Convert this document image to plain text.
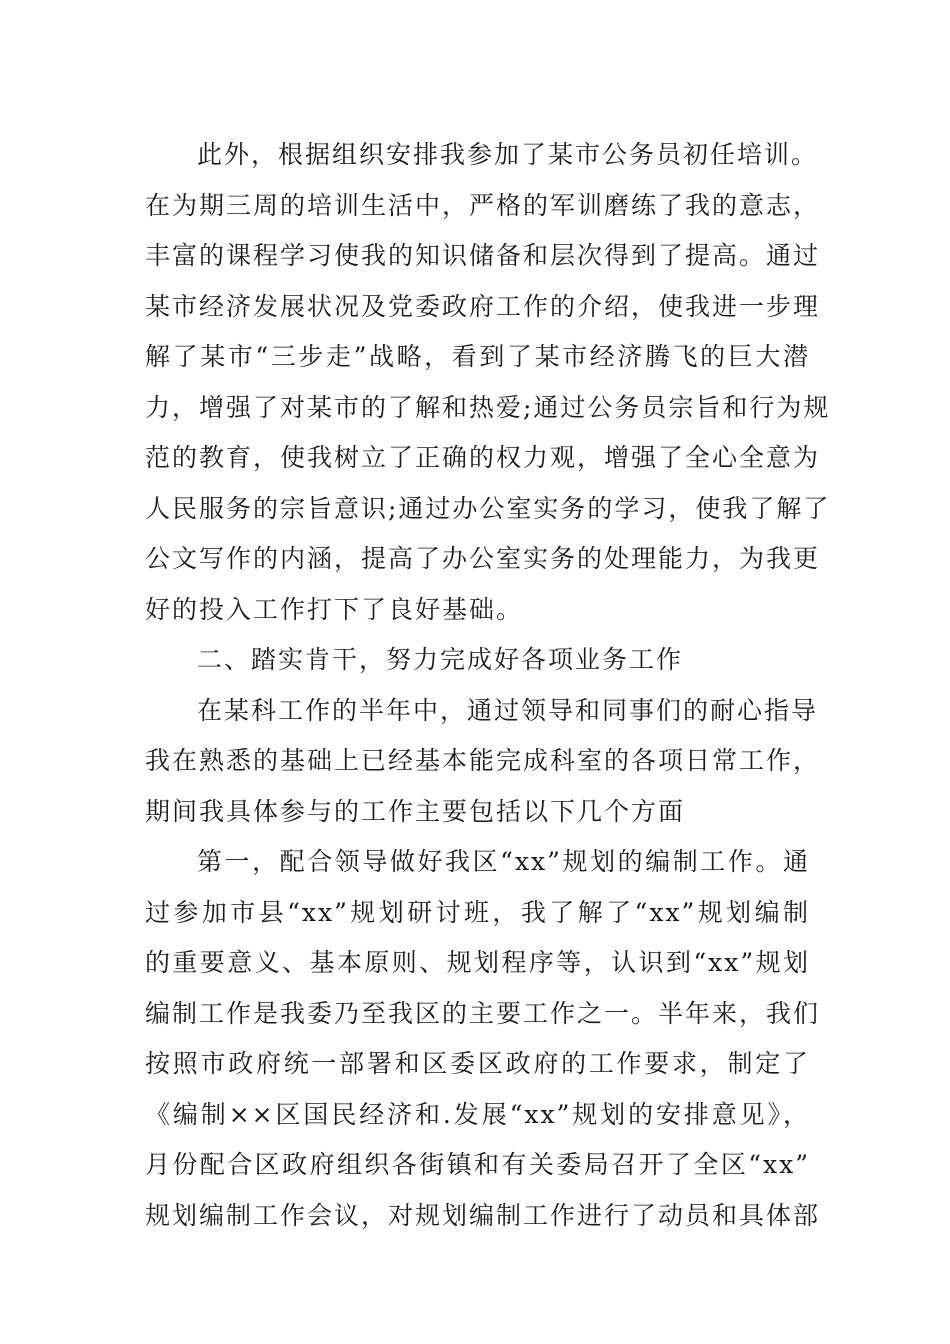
此外，根据组织安排我参加了某市公务员初任培训。
在为期三周的培训生活中，严格的军训磨练了我的意志，
丰富的课程学习使我的知识储备和层次得到了提高。通过
某市经济发展状况及党委政府工作的介绍，使我进一步理
解了某市“三步走”战略，看到了某市经济腾飞的巨大潜
力，增强了对某市的了解和热爱;通过公务员宗旨和行为规
范的教育，使我树立了正确的权力观，增强了全心全意为
人民服务的宗旨意识;通过办公室实务的学习，使我了解了
公文写作的内涵，提高了办公室实务的处理能力，为我更
好的投入工作打下了良好基础。
二、踏实肯干，努力完成好各项业务工作
在某科工作的半年中，通过领导和同事们的耐心指导
我在熟悉的基础上已经基本能完成科室的各项日常工作，
期间我具体参与的工作主要包括以下几个方面
第一，配合领导做好我区“xx”规划的编制工作。通
过参加市县“xx”规划研讨班，我了解了“xx”规划编制
的重要意义、基本原则、规划程序等，认识到“xx”规划
编制工作是我委乃至我区的主要工作之一。半年来，我们
按照市政府统一部署和区委区政府的工作要求，制定了
《编制××区国民经济和.发展“xx”规划的安排意见》，
月份配合区政府组织各街镇和有关委局召开了全区“xx”
规划编制工作会议，对规划编制工作进行了动员和具体部
